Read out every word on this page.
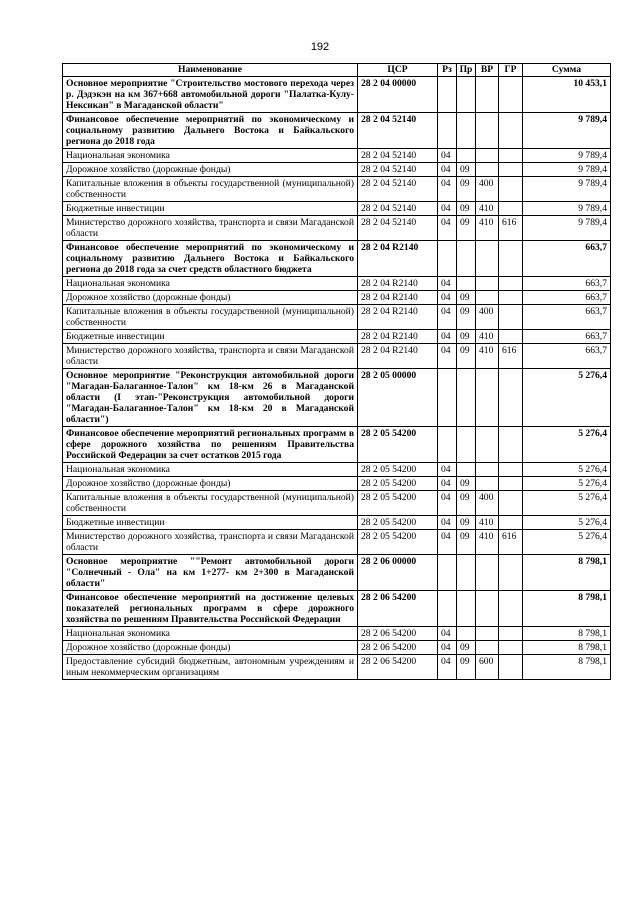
192
Наименование	ЦСР	Рз	Пр	ВР	ГР	Сумма
Основное мероприятие "Строительство мостового перехода через р. Дэдэкэн на км 367+668 автомобильной дороги "Палатка-Кулу-Нексикан" в Магаданской области"	28 2 04 00000					10 453,1
Финансовое обеспечение мероприятий по экономическому и социальному развитию Дальнего Востока и Байкальского региона до 2018 года	28 2 04 52140					9 789,4
Национальная экономика	28 2 04 52140	04				9 789,4
Дорожное хозяйство (дорожные фонды)	28 2 04 52140	04	09			9 789,4
Капитальные вложения в объекты государственной (муниципальной) собственности	28 2 04 52140	04	09	400		9 789,4
Бюджетные инвестиции	28 2 04 52140	04	09	410		9 789,4
Министерство дорожного хозяйства, транспорта и связи Магаданской области	28 2 04 52140	04	09	410	616	9 789,4
Финансовое обеспечение мероприятий по экономическому и социальному развитию Дальнего Востока и Байкальского региона до 2018 года за счет средств областного бюджета	28 2 04 R2140					663,7
Национальная экономика	28 2 04 R2140	04				663,7
Дорожное хозяйство (дорожные фонды)	28 2 04 R2140	04	09			663,7
Капитальные вложения в объекты государственной (муниципальной) собственности	28 2 04 R2140	04	09	400		663,7
Бюджетные инвестиции	28 2 04 R2140	04	09	410		663,7
Министерство дорожного хозяйства, транспорта и связи Магаданской области	28 2 04 R2140	04	09	410	616	663,7
Основное мероприятие "Реконструкция автомобильной дороги "Магадан-Балаганное-Талон" км 18-км 26 в Магаданской области (I этап-"Реконструкция автомобильной дороги "Магадан-Балаганное-Талон" км 18-км 20 в Магаданской области")	28 2 05 00000					5 276,4
Финансовое обеспечение мероприятий региональных программ в сфере дорожного хозяйства по решениям Правительства Российской Федерации за счет остатков 2015 года	28 2 05 54200					5 276,4
Национальная экономика	28 2 05 54200	04				5 276,4
Дорожное хозяйство (дорожные фонды)	28 2 05 54200	04	09			5 276,4
Капитальные вложения в объекты государственной (муниципальной) собственности	28 2 05 54200	04	09	400		5 276,4
Бюджетные инвестиции	28 2 05 54200	04	09	410		5 276,4
Министерство дорожного хозяйства, транспорта и связи Магаданской области	28 2 05 54200	04	09	410	616	5 276,4
Основное мероприятие ""Ремонт автомобильной дороги "Солнечный - Ола" на км 1+277- км 2+300 в Магаданской области"	28 2 06 00000					8 798,1
Финансовое обеспечение мероприятий на достижение целевых показателей региональных программ в сфере дорожного хозяйства по решениям Правительства Российской Федерации	28 2 06 54200					8 798,1
Национальная экономика	28 2 06 54200	04				8 798,1
Дорожное хозяйство (дорожные фонды)	28 2 06 54200	04	09			8 798,1
Предоставление субсидий бюджетным, автономным учреждениям и иным некоммерческим организациям	28 2 06 54200	04	09	600		8 798,1
